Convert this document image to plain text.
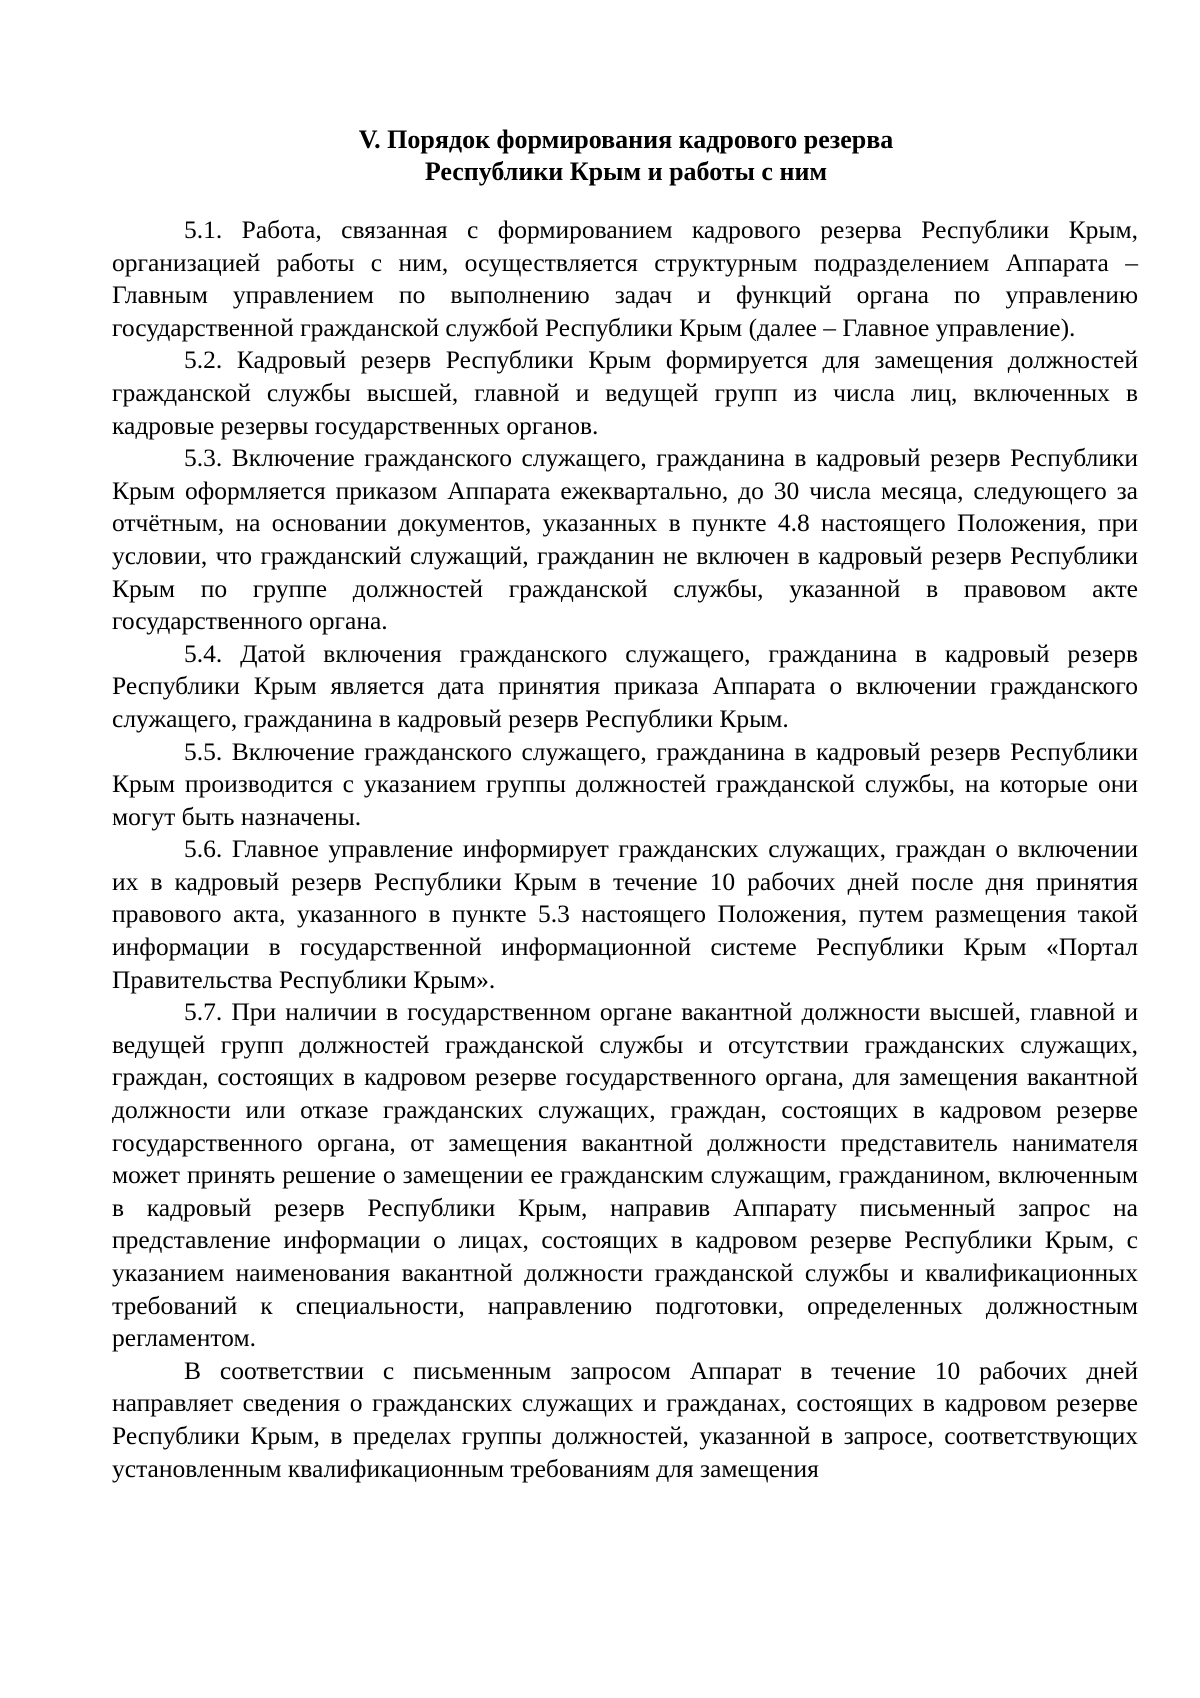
V. Порядок формирования кадрового резерва
Республики Крым и работы с ним

5.1. Работа, связанная с формированием кадрового резерва Республики Крым, организацией работы с ним, осуществляется структурным подразделением Аппарата – Главным управлением по выполнению задач и функций органа по управлению государственной гражданской службой Республики Крым (далее – Главное управление).

5.2. Кадровый резерв Республики Крым формируется для замещения должностей гражданской службы высшей, главной и ведущей групп из числа лиц, включенных в кадровые резервы государственных органов.

5.3. Включение гражданского служащего, гражданина в кадровый резерв Республики Крым оформляется приказом Аппарата ежеквартально, до 30 числа месяца, следующего за отчётным, на основании документов, указанных в пункте 4.8 настоящего Положения, при условии, что гражданский служащий, гражданин не включен в кадровый резерв Республики Крым по группе должностей гражданской службы, указанной в правовом акте государственного органа.

5.4. Датой включения гражданского служащего, гражданина в кадровый резерв Республики Крым является дата принятия приказа Аппарата о включении гражданского служащего, гражданина в кадровый резерв Республики Крым.

5.5. Включение гражданского служащего, гражданина в кадровый резерв Республики Крым производится с указанием группы должностей гражданской службы, на которые они могут быть назначены.

5.6. Главное управление информирует гражданских служащих, граждан о включении их в кадровый резерв Республики Крым в течение 10 рабочих дней после дня принятия правового акта, указанного в пункте 5.3 настоящего Положения, путем размещения такой информации в государственной информационной системе Республики Крым «Портал Правительства Республики Крым».

5.7. При наличии в государственном органе вакантной должности высшей, главной и ведущей групп должностей гражданской службы и отсутствии гражданских служащих, граждан, состоящих в кадровом резерве государственного органа, для замещения вакантной должности или отказе гражданских служащих, граждан, состоящих в кадровом резерве государственного органа, от замещения вакантной должности представитель нанимателя может принять решение о замещении ее гражданским служащим, гражданином, включенным в кадровый резерв Республики Крым, направив Аппарату письменный запрос на представление информации о лицах, состоящих в кадровом резерве Республики Крым, с указанием наименования вакантной должности гражданской службы и квалификационных требований к специальности, направлению подготовки, определенных должностным регламентом.

В соответствии с письменным запросом Аппарат в течение 10 рабочих дней направляет сведения о гражданских служащих и гражданах, состоящих в кадровом резерве Республики Крым, в пределах группы должностей, указанной в запросе, соответствующих установленным квалификационным требованиям для замещения
